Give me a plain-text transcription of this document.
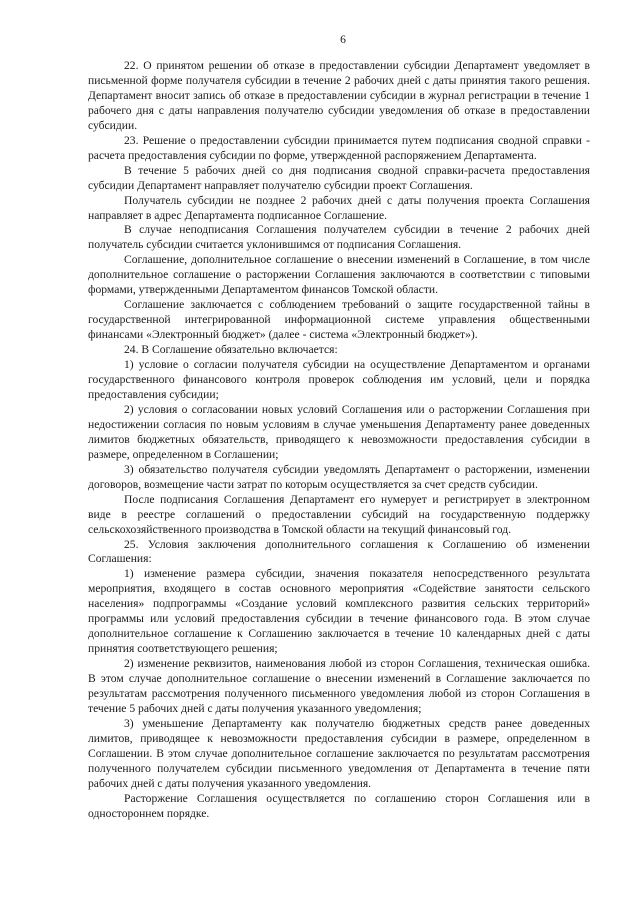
6

22. О принятом решении об отказе в предоставлении субсидии Департамент уведомляет в письменной форме получателя субсидии в течение 2 рабочих дней с даты принятия такого решения. Департамент вносит запись об отказе в предоставлении субсидии в журнал регистрации в течение 1 рабочего дня с даты направления получателю субсидии уведомления об отказе в предоставлении субсидии.

23. Решение о предоставлении субсидии принимается путем подписания сводной справки - расчета предоставления субсидии по форме, утвержденной распоряжением Департамента.

В течение 5 рабочих дней со дня подписания сводной справки-расчета предоставления субсидии Департамент направляет получателю субсидии проект Соглашения.

Получатель субсидии не позднее 2 рабочих дней с даты получения проекта Соглашения направляет в адрес Департамента подписанное Соглашение.

В случае неподписания Соглашения получателем субсидии в течение 2 рабочих дней получатель субсидии считается уклонившимся от подписания Соглашения.

Соглашение, дополнительное соглашение о внесении изменений в Соглашение, в том числе дополнительное соглашение о расторжении Соглашения заключаются в соответствии с типовыми формами, утвержденными Департаментом финансов Томской области.

Соглашение заключается с соблюдением требований о защите государственной тайны в государственной интегрированной информационной системе управления общественными финансами «Электронный бюджет» (далее - система «Электронный бюджет»).

24. В Соглашение обязательно включается:

1) условие о согласии получателя субсидии на осуществление Департаментом и органами государственного финансового контроля проверок соблюдения им условий, цели и порядка предоставления субсидии;

2) условия о согласовании новых условий Соглашения или о расторжении Соглашения при недостижении согласия по новым условиям в случае уменьшения Департаменту ранее доведенных лимитов бюджетных обязательств, приводящего к невозможности предоставления субсидии в размере, определенном в Соглашении;

3) обязательство получателя субсидии уведомлять Департамент о расторжении, изменении договоров, возмещение части затрат по которым осуществляется за счет средств субсидии.

После подписания Соглашения Департамент его нумерует и регистрирует в электронном виде в реестре соглашений о предоставлении субсидий на государственную поддержку сельскохозяйственного производства в Томской области на текущий финансовый год.

25. Условия заключения дополнительного соглашения к Соглашению об изменении Соглашения:

1) изменение размера субсидии, значения показателя непосредственного результата мероприятия, входящего в состав основного мероприятия «Содействие занятости сельского населения» подпрограммы «Создание условий комплексного развития сельских территорий» программы или условий предоставления субсидии в течение финансового года. В этом случае дополнительное соглашение к Соглашению заключается в течение 10 календарных дней с даты принятия соответствующего решения;

2) изменение реквизитов, наименования любой из сторон Соглашения, техническая ошибка. В этом случае дополнительное соглашение о внесении изменений в Соглашение заключается по результатам рассмотрения полученного письменного уведомления любой из сторон Соглашения в течение 5 рабочих дней с даты получения указанного уведомления;

3) уменьшение Департаменту как получателю бюджетных средств ранее доведенных лимитов, приводящее к невозможности предоставления субсидии в размере, определенном в Соглашении. В этом случае дополнительное соглашение заключается по результатам рассмотрения полученного получателем субсидии письменного уведомления от Департамента в течение пяти рабочих дней с даты получения указанного уведомления.

Расторжение Соглашения осуществляется по соглашению сторон Соглашения или в одностороннем порядке.
